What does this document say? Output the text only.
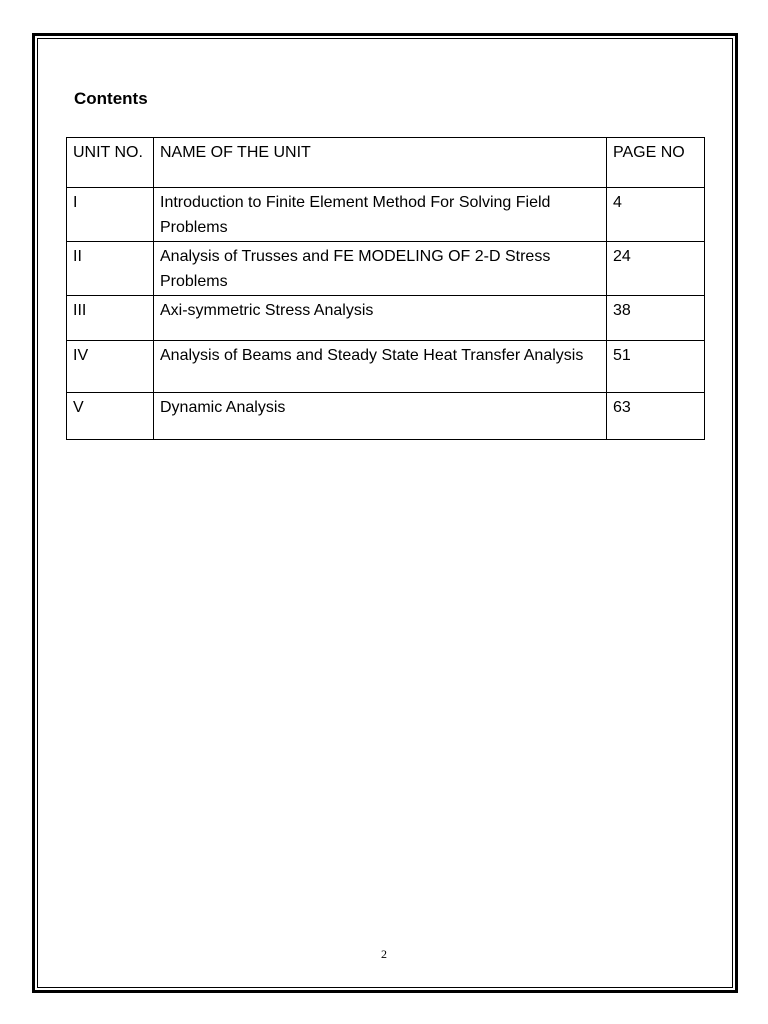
Contents
UNIT NO.	NAME OF THE UNIT	PAGE NO
I	Introduction to Finite Element Method For Solving Field Problems	4
II	Analysis of Trusses and FE MODELING OF 2-D Stress Problems	24
III	Axi-symmetric Stress Analysis	38
IV	Analysis of Beams and Steady State Heat Transfer Analysis	51
V	Dynamic Analysis	63
2
